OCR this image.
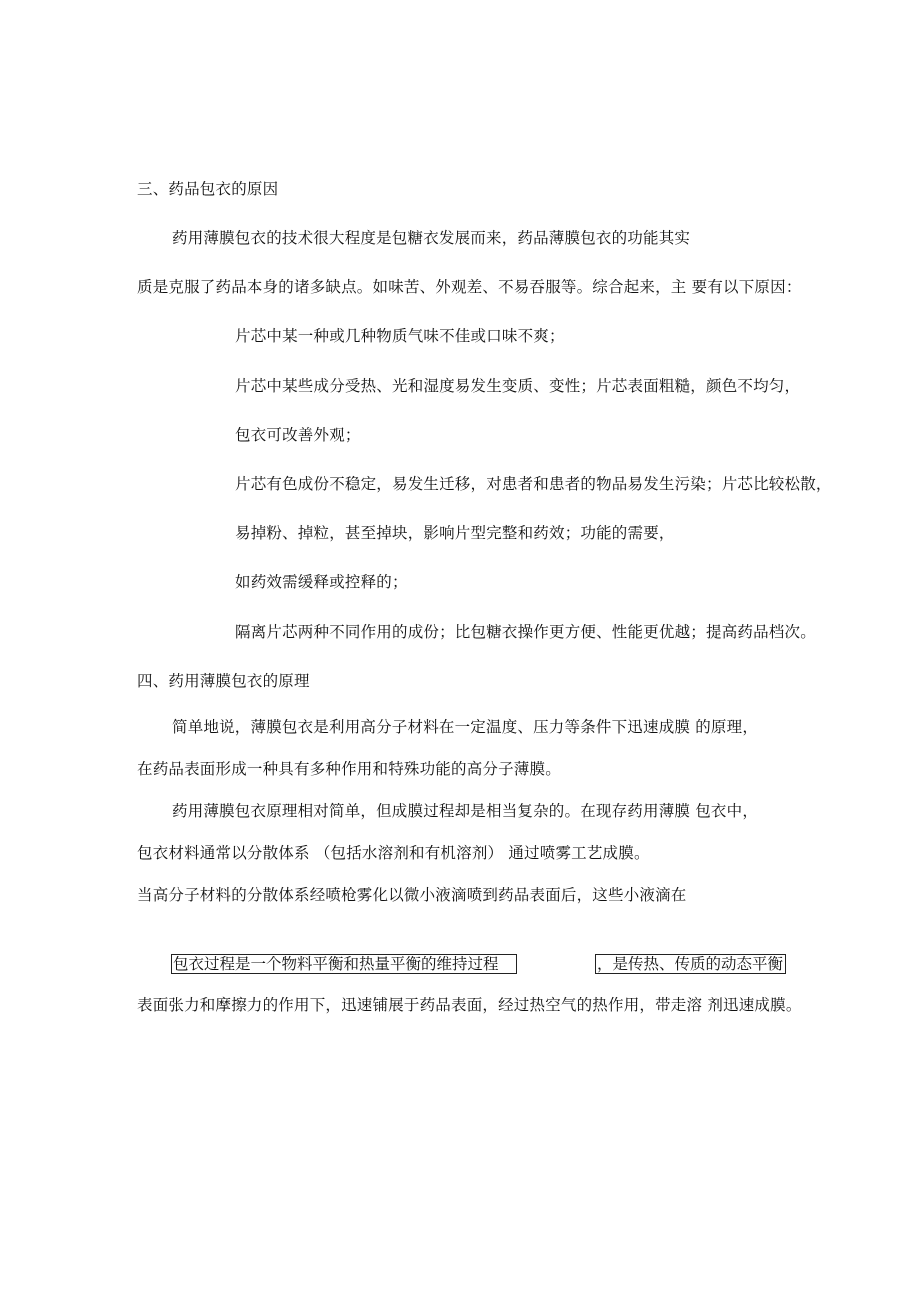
三、药品包衣的原因
药用薄膜包衣的技术很大程度是包糖衣发展而来，药品薄膜包衣的功能其实
质是克服了药品本身的诸多缺点。如味苦、外观差、不易吞服等。综合起来，主 要有以下原因：
片芯中某一种或几种物质气味不佳或口味不爽；
片芯中某些成分受热、光和湿度易发生变质、变性；片芯表面粗糙，颜色不均匀，
包衣可改善外观；
片芯有色成份不稳定，易发生迁移，对患者和患者的物品易发生污染；片芯比较松散，
易掉粉、掉粒，甚至掉块，影响片型完整和药效；功能的需要，
如药效需缓释或控释的；
隔离片芯两种不同作用的成份；比包糖衣操作更方便、性能更优越；提高药品档次。
四、药用薄膜包衣的原理
简单地说，薄膜包衣是利用高分子材料在一定温度、压力等条件下迅速成膜 的原理，
在药品表面形成一种具有多种作用和特殊功能的高分子薄膜。
药用薄膜包衣原理相对简单，但成膜过程却是相当复杂的。在现存药用薄膜 包衣中，
包衣材料通常以分散体系 （包括水溶剂和有机溶剂） 通过喷雾工艺成膜。
当高分子材料的分散体系经喷枪雾化以微小液滴喷到药品表面后，这些小液滴在
包衣过程是一个物料平衡和热量平衡的维持过程	，是传热、传质的动态平衡
表面张力和摩擦力的作用下，迅速铺展于药品表面，经过热空气的热作用，带走溶 剂迅速成膜。
